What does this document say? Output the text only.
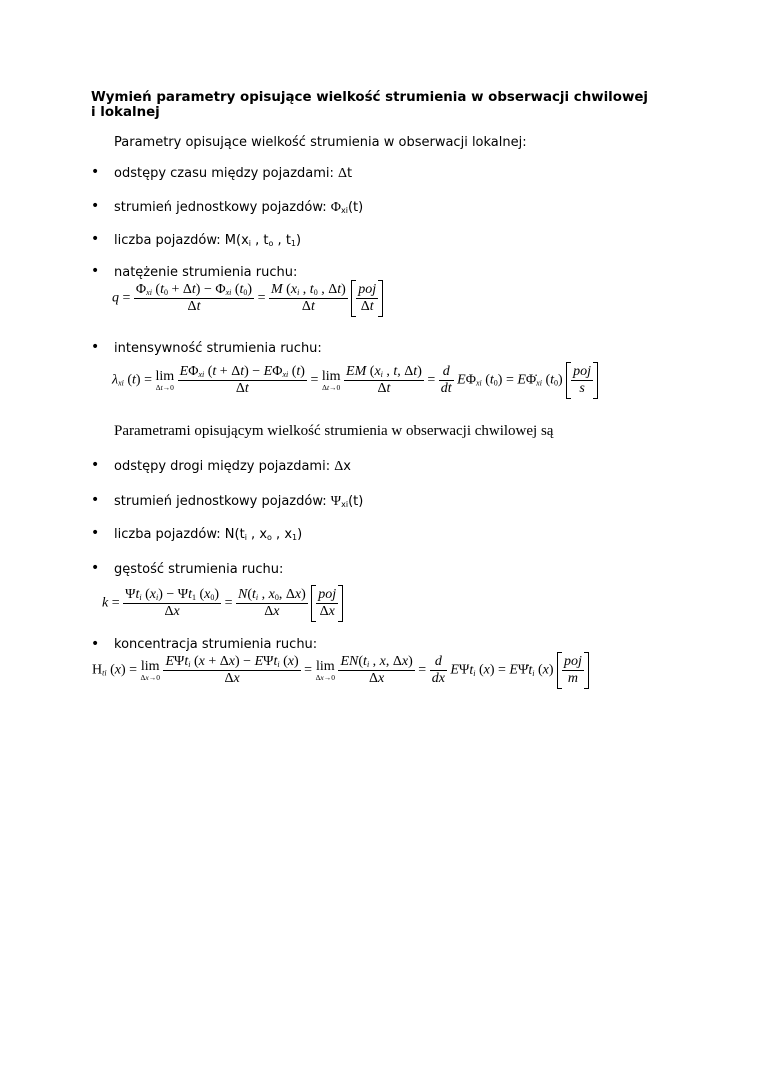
Wymień parametry opisujące wielkość strumienia w obserwacji chwilowej i lokalnej
Parametry opisujące wielkość strumienia w obserwacji lokalnej:
• odstępy czasu między pojazdami: Δt
• strumień jednostkowy pojazdów: $\Phi_{xi}(t)$
• liczba pojazdów: $M(x_i$ , $t_o$ , $t_1$)
• natężenie strumienia ruchu:
$q = \frac{\Phi_{xi} (t_0 + \Delta t) - \Phi_{xi} (t_0)}{\Delta t} = \frac{M (x_i , t_0 , \Delta t)}{\Delta t}$
$\frac{\text{poj}}{\Delta t}$
• intensywność strumienia ruchu:
$\lambda_{xi}$ (t) = lim
Δt→0
$\frac{E\Phi_{xi} (t + \Delta t) - E\Phi_{xi} (t)}{\Delta t} = \lim$
Δt→0
$\frac{EM (x_i , t, \Delta t)}{\Delta t} = \frac{d}{dt} E\Phi_{xi}$ $(t_0)$ = $E\Phi̇_{xi}$ $(t_0) \frac{\text{poj}}{s}$
Parametrami opisującym wielkość strumienia w obserwacji chwilowej są
• odstępy drogi między pojazdami: Δx
• strumień jednostkowy pojazdów: $\Psi_{xi}(t)$
• liczba pojazdów: $N(t_i$ , $x_o$ , $x_1$)
• gęstość strumienia ruchu:
$k = \frac{\Psi t_i (x_i) - \Psi t_1 (x_0)}{\Delta x} = \frac{N(t_i , x_0, \Delta x)}{\Delta x}$
$\frac{\text{poj}}{\Delta x}$
• koncentracja strumienia ruchu:
$H_{ti}$ (x) = lim
Δx→0
$\frac{E\Psi t_i (x + \Delta x) - E\Psi t_i (x)}{\Delta x} = \lim$
Δx→0
$\frac{EN(t_i , x, \Delta x)}{\Delta x} = \frac{d}{dx} E\Psi t_i$ $(x) = E\Psi̇t_i$ $(x) \frac{\text{poj}}{m}$
